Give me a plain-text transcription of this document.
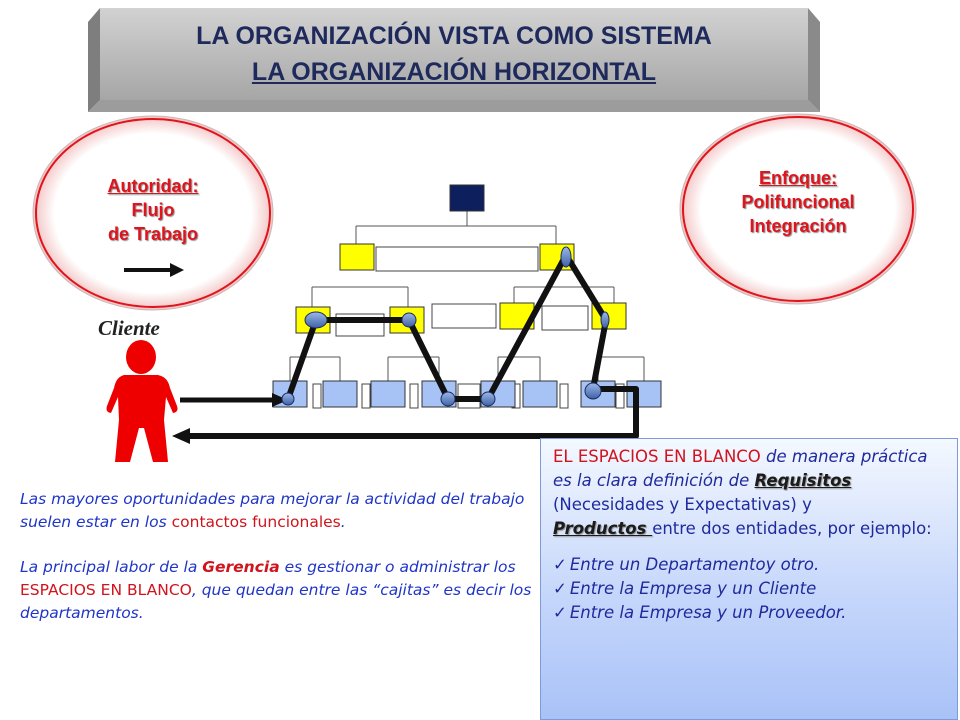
LA ORGANIZACIÓN VISTA COMO SISTEMA
LA ORGANIZACIÓN HORIZONTAL
Autoridad:
Flujo
de Trabajo
Enfoque:
Polifuncional
Integración
Cliente

Las mayores oportunidades para mejorar la actividad del trabajo suelen estar en los contactos funcionales.

La principal labor de la Gerencia es gestionar o administrar los ESPACIOS EN BLANCO, que quedan entre las “cajitas” es decir los departamentos.

EL ESPACIOS EN BLANCO de manera práctica es la clara definición de Requisitos (Necesidades y Expectativas) y
Productos entre dos entidades, por ejemplo:

✓ Entre un Departamentoy otro.
✓ Entre la Empresa y un Cliente
✓ Entre la Empresa y un Proveedor.
